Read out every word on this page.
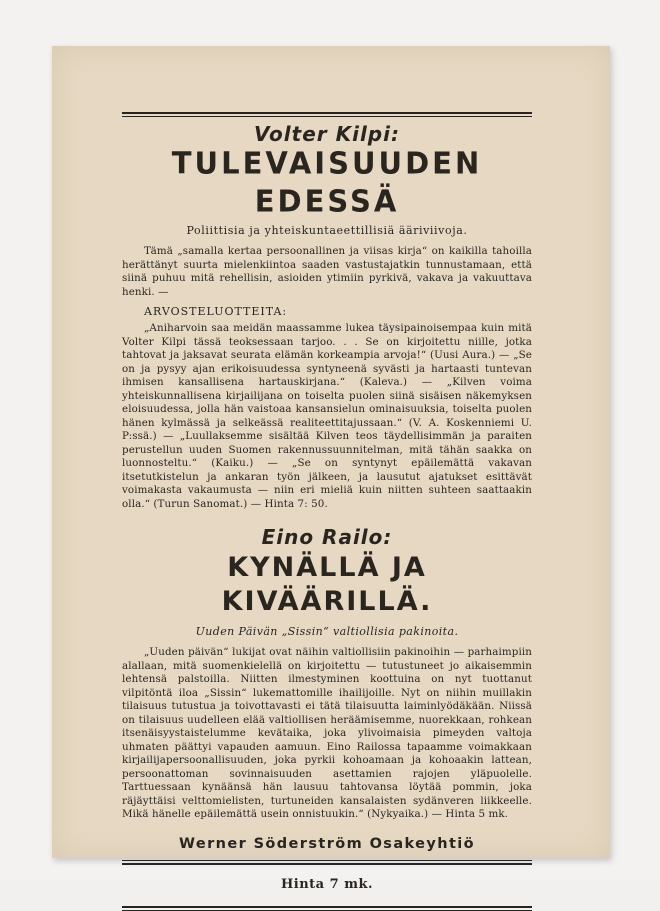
Volter Kilpi:
TULEVAISUUDEN EDESSÄ
Poliittisia ja yhteiskuntaeettillisiä ääriviivoja.
Tämä „samalla kertaa persoonallinen ja viisas kirja“ on kaikilla tahoilla herättänyt suurta mielenkiintoa saaden vastustajatkin tunnustamaan, että siinä puhuu mitä rehellisin, asioiden ytimiin pyrkivä, vakava ja vakuuttava henki. —
ARVOSTELUOTTEITA:
„Aniharvoin saa meidän maassamme lukea täysipainoisempaa kuin mitä Volter Kilpi tässä teoksessaan tarjoo. . . Se on kirjoitettu niille, jotka tahtovat ja jaksavat seurata elämän korkeampia arvoja!“ (Uusi Aura.) — „Se on ja pysyy ajan erikoisuudessa syntyneenä syvästi ja hartaasti tuntevan ihmisen kansallisena hartauskirjana.“ (Kaleva.) — „Kilven voima yhteiskunnallisena kirjailijana on toiselta puolen siinä sisäisen näkemyksen eloisuudessa, jolla hän vaistoaa kansansielun ominaisuuksia, toiselta puolen hänen kylmässä ja selkeässä realiteettitajussaan.“ (V. A. Koskenniemi U. P:ssä.) — „Luullaksemme sisältää Kilven teos täydellisimmän ja paraiten perustellun uuden Suomen rakennussuunnitelman, mitä tähän saakka on luonnosteltu.“ (Kaiku.) — „Se on syntynyt epäilemättä vakavan itsetutkistelun ja ankaran työn jälkeen, ja lausutut ajatukset esittävät voimakasta vakaumusta — niin eri mieliä kuin niitten suhteen saattaakin olla.“ (Turun Sanomat.) — Hinta 7: 50.
Eino Railo:
KYNÄLLÄ JA KIVÄÄRILLÄ.
Uuden Päivän „Sissin“ valtiollisia pakinoita.
„Uuden päivän“ lukijat ovat näihin valtiollisiin pakinoihin — parhaimpiin alallaan, mitä suomenkielellä on kirjoitettu — tutustuneet jo aikaisemmin lehtensä palstoilla. Niitten ilmestyminen koottuina on nyt tuottanut vilpitöntä iloa „Sissin“ lukemattomille ihailijoille. Nyt on niihin muillakin tilaisuus tutustua ja toivottavasti ei tätä tilaisuutta laiminlyödäkään. Niissä on tilaisuus uudelleen elää valtiollisen heräämisemme, nuorekkaan, rohkean itsenäisyystaistelumme kevätaika, joka ylivoimaisia pimeyden valtoja uhmaten päättyi vapauden aamuun. Eino Railossa tapaamme voimakkaan kirjailijapersoonallisuuden, joka pyrkii kohoamaan ja kohoaakin lattean, persoonattoman sovinnaisuuden asettamien rajojen yläpuolelle. Tarttuessaan kynäänsä hän lausuu tahtovansa löytää pommin, joka räjäyttäisi velttomielisten, turtuneiden kansalaisten sydänveren liikkeelle. Mikä hänelle epäilemättä usein onnistuukin.“ (Nykyaika.) — Hinta 5 mk.
Werner Söderström Osakeyhtiö
Hinta 7 mk.
